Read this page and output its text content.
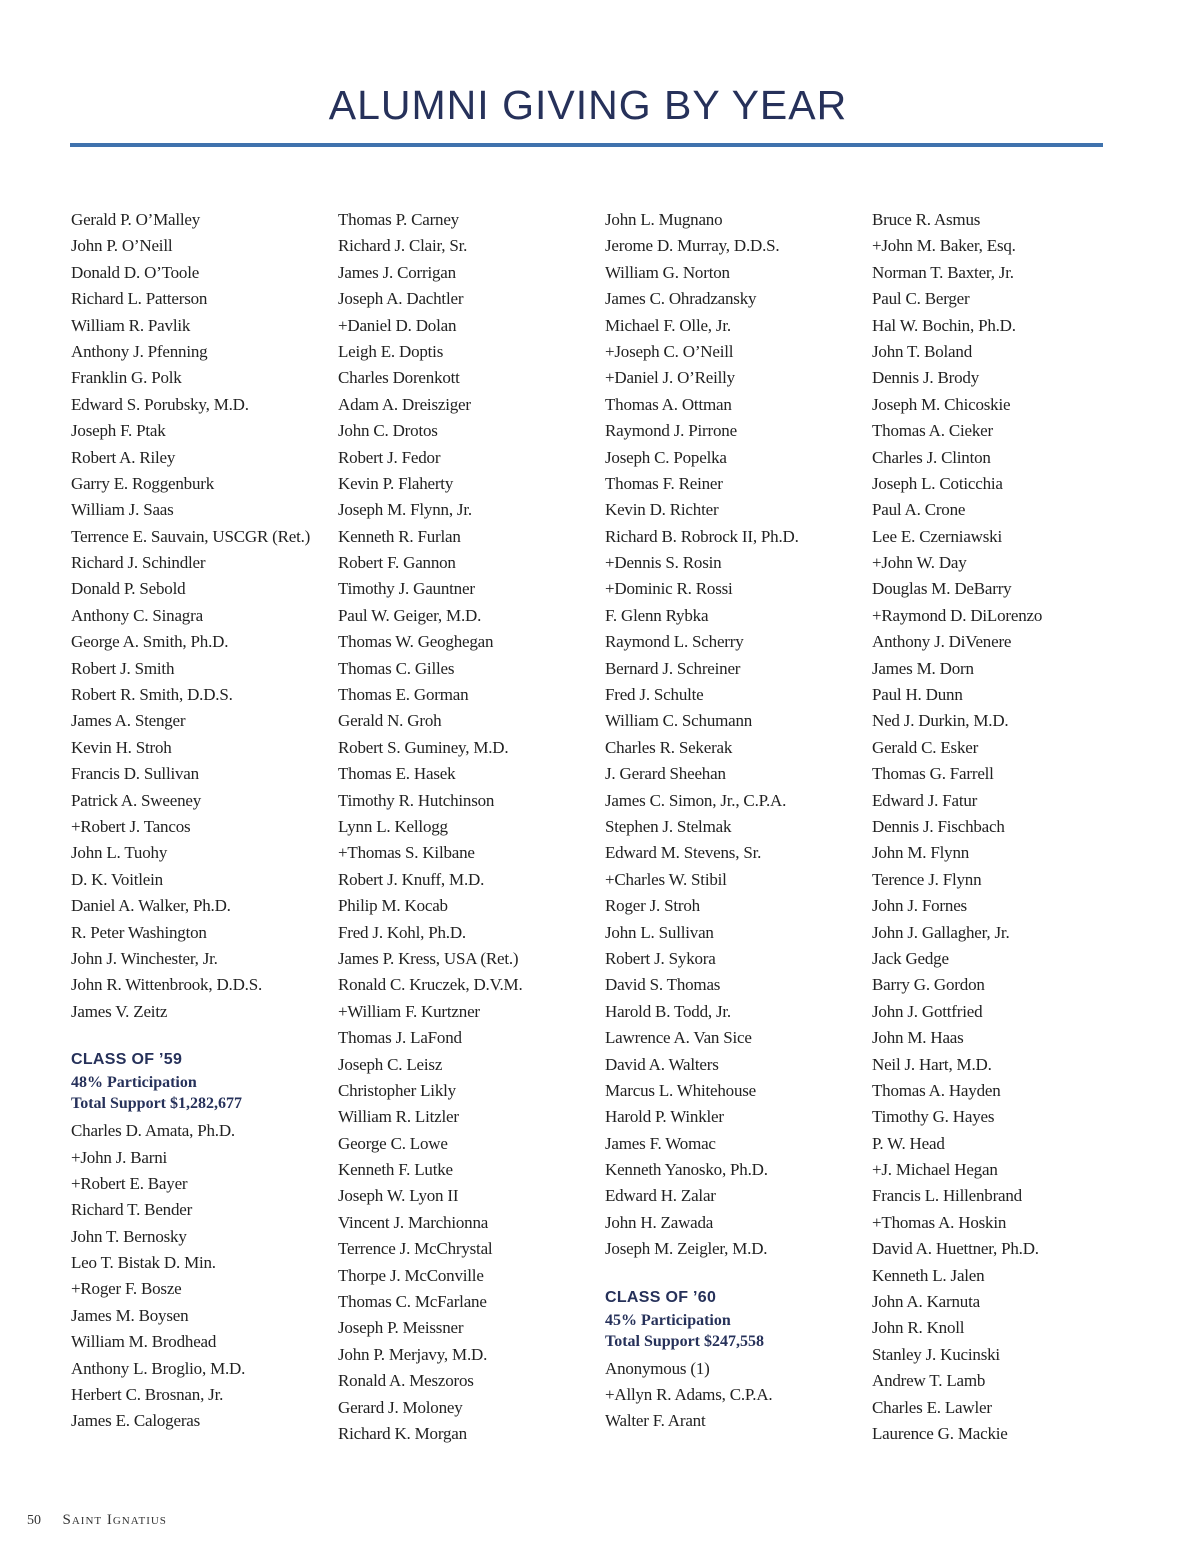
ALUMNI GIVING BY YEAR
Gerald P. O’Malley
John P. O’Neill
Donald D. O’Toole
Richard L. Patterson
William R. Pavlik
Anthony J. Pfenning
Franklin G. Polk
Edward S. Porubsky, M.D.
Joseph F. Ptak
Robert A. Riley
Garry E. Roggenburk
William J. Saas
Terrence E. Sauvain, USCGR (Ret.)
Richard J. Schindler
Donald P. Sebold
Anthony C. Sinagra
George A. Smith, Ph.D.
Robert J. Smith
Robert R. Smith, D.D.S.
James A. Stenger
Kevin H. Stroh
Francis D. Sullivan
Patrick A. Sweeney
+Robert J. Tancos
John L. Tuohy
D. K. Voitlein
Daniel A. Walker, Ph.D.
R. Peter Washington
John J. Winchester, Jr.
John R. Wittenbrook, D.D.S.
James V. Zeitz
CLASS OF ’59
48% Participation
Total Support $1,282,677
Charles D. Amata, Ph.D.
+John J. Barni
+Robert E. Bayer
Richard T. Bender
John T. Bernosky
Leo T. Bistak D. Min.
+Roger F. Bosze
James M. Boysen
William M. Brodhead
Anthony L. Broglio, M.D.
Herbert C. Brosnan, Jr.
James E. Calogeras
Thomas P. Carney
Richard J. Clair, Sr.
James J. Corrigan
Joseph A. Dachtler
+Daniel D. Dolan
Leigh E. Doptis
Charles Dorenkott
Adam A. Dreisziger
John C. Drotos
Robert J. Fedor
Kevin P. Flaherty
Joseph M. Flynn, Jr.
Kenneth R. Furlan
Robert F. Gannon
Timothy J. Gauntner
Paul W. Geiger, M.D.
Thomas W. Geoghegan
Thomas C. Gilles
Thomas E. Gorman
Gerald N. Groh
Robert S. Guminey, M.D.
Thomas E. Hasek
Timothy R. Hutchinson
Lynn L. Kellogg
+Thomas S. Kilbane
Robert J. Knuff, M.D.
Philip M. Kocab
Fred J. Kohl, Ph.D.
James P. Kress, USA (Ret.)
Ronald C. Kruczek, D.V.M.
+William F. Kurtzner
Thomas J. LaFond
Joseph C. Leisz
Christopher Likly
William R. Litzler
George C. Lowe
Kenneth F. Lutke
Joseph W. Lyon II
Vincent J. Marchionna
Terrence J. McChrystal
Thorpe J. McConville
Thomas C. McFarlane
Joseph P. Meissner
John P. Merjavy, M.D.
Ronald A. Meszoros
Gerard J. Moloney
Richard K. Morgan
John L. Mugnano
Jerome D. Murray, D.D.S.
William G. Norton
James C. Ohradzansky
Michael F. Olle, Jr.
+Joseph C. O’Neill
+Daniel J. O’Reilly
Thomas A. Ottman
Raymond J. Pirrone
Joseph C. Popelka
Thomas F. Reiner
Kevin D. Richter
Richard B. Robrock II, Ph.D.
+Dennis S. Rosin
+Dominic R. Rossi
F. Glenn Rybka
Raymond L. Scherry
Bernard J. Schreiner
Fred J. Schulte
William C. Schumann
Charles R. Sekerak
J. Gerard Sheehan
James C. Simon, Jr., C.P.A.
Stephen J. Stelmak
Edward M. Stevens, Sr.
+Charles W. Stibil
Roger J. Stroh
John L. Sullivan
Robert J. Sykora
David S. Thomas
Harold B. Todd, Jr.
Lawrence A. Van Sice
David A. Walters
Marcus L. Whitehouse
Harold P. Winkler
James F. Womac
Kenneth Yanosko, Ph.D.
Edward H. Zalar
John H. Zawada
Joseph M. Zeigler, M.D.
CLASS OF ’60
45% Participation
Total Support $247,558
Anonymous (1)
+Allyn R. Adams, C.P.A.
Walter F. Arant
Bruce R. Asmus
+John M. Baker, Esq.
Norman T. Baxter, Jr.
Paul C. Berger
Hal W. Bochin, Ph.D.
John T. Boland
Dennis J. Brody
Joseph M. Chicoskie
Thomas A. Cieker
Charles J. Clinton
Joseph L. Coticchia
Paul A. Crone
Lee E. Czerniawski
+John W. Day
Douglas M. DeBarry
+Raymond D. DiLorenzo
Anthony J. DiVenere
James M. Dorn
Paul H. Dunn
Ned J. Durkin, M.D.
Gerald C. Esker
Thomas G. Farrell
Edward J. Fatur
Dennis J. Fischbach
John M. Flynn
Terence J. Flynn
John J. Fornes
John J. Gallagher, Jr.
Jack Gedge
Barry G. Gordon
John J. Gottfried
John M. Haas
Neil J. Hart, M.D.
Thomas A. Hayden
Timothy G. Hayes
P. W. Head
+J. Michael Hegan
Francis L. Hillenbrand
+Thomas A. Hoskin
David A. Huettner, Ph.D.
Kenneth L. Jalen
John A. Karnuta
John R. Knoll
Stanley J. Kucinski
Andrew T. Lamb
Charles E. Lawler
Laurence G. Mackie
50 Saint Ignatius
